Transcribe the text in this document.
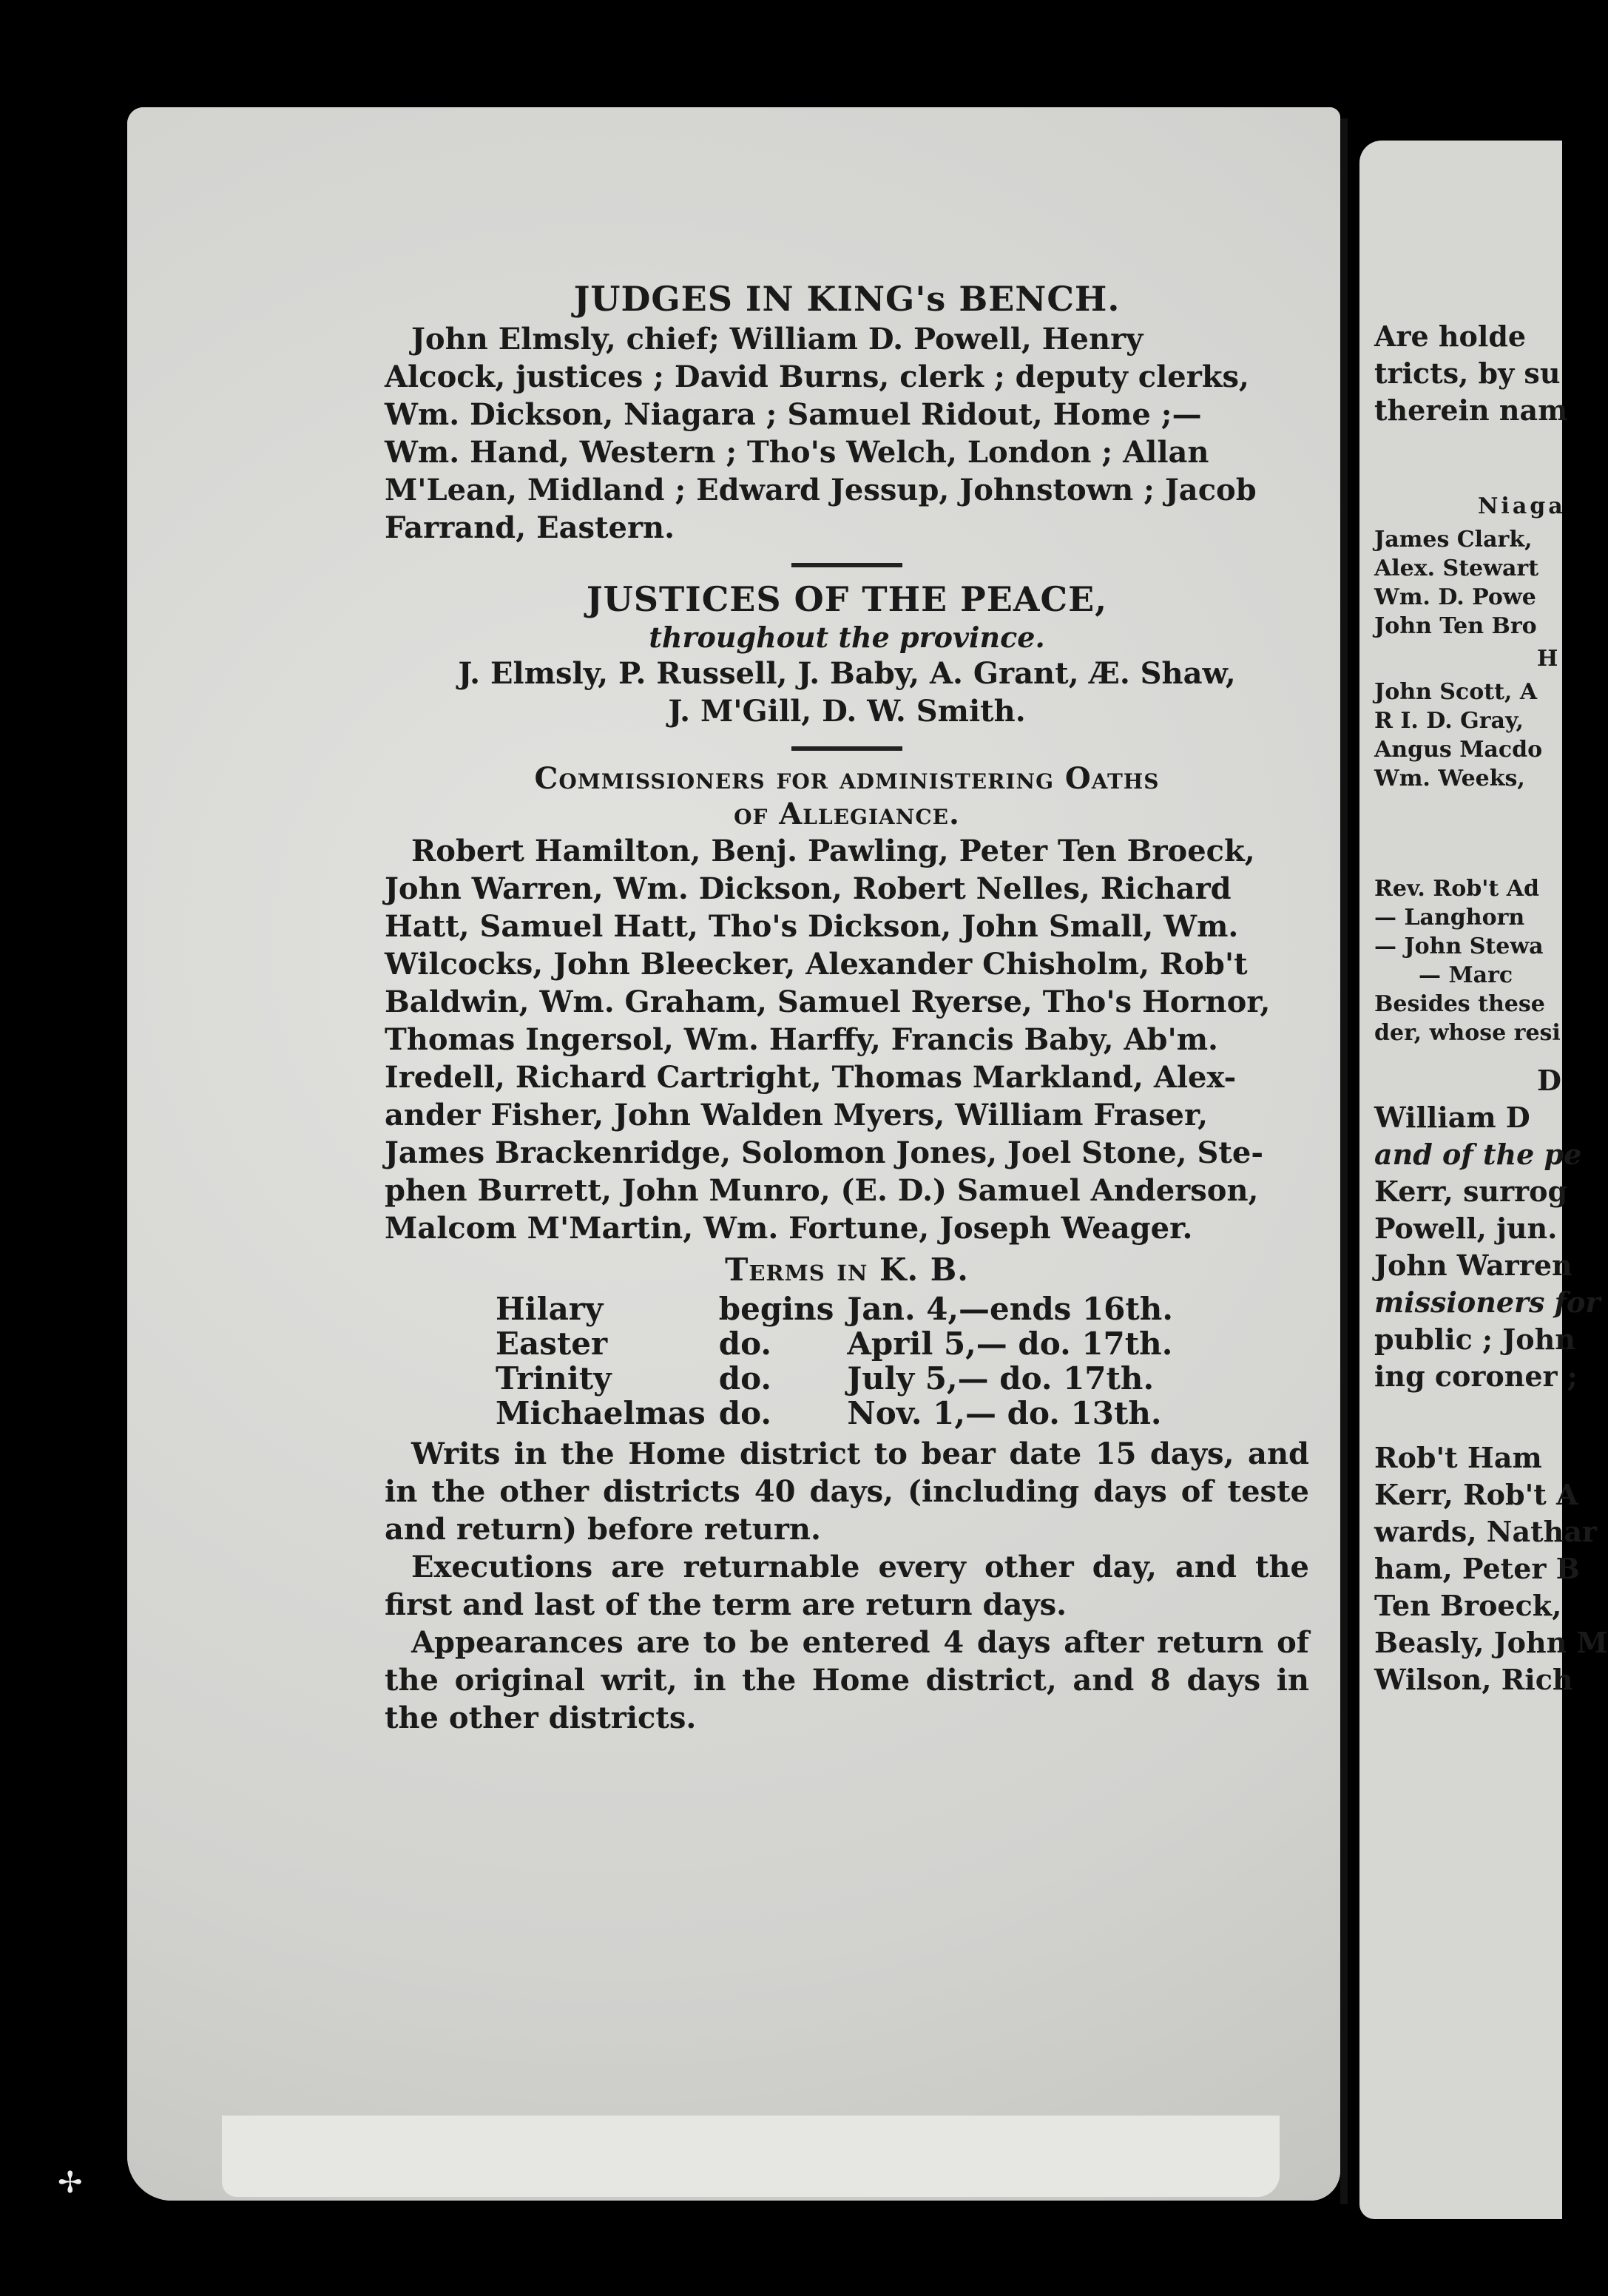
JUDGES IN KING's BENCH.

John Elmsly, chief; William D. Powell, Henry

Alcock, justices ; David Burns, clerk ; deputy clerks,

Wm. Dickson, Niagara ; Samuel Ridout, Home ;—

Wm. Hand, Western ; Tho's Welch, London ; Allan

M'Lean, Midland ; Edward Jessup, Johnstown ; Jacob

Farrand, Eastern.

JUSTICES OF THE PEACE,

throughout the province.

J. Elmsly, P. Russell, J. Baby, A. Grant, Æ. Shaw,

J. M'Gill, D. W. Smith.

Commissioners for administering Oaths

of Allegiance.

Robert Hamilton, Benj. Pawling, Peter Ten Broeck,

John Warren, Wm. Dickson, Robert Nelles, Richard

Hatt, Samuel Hatt, Tho's Dickson, John Small, Wm.

Wilcocks, John Bleecker, Alexander Chisholm, Rob't

Baldwin, Wm. Graham, Samuel Ryerse, Tho's Hornor,

Thomas Ingersol, Wm. Harffy, Francis Baby, Ab'm.

Iredell, Richard Cartright, Thomas Markland, Alex-

ander Fisher, John Walden Myers, William Fraser,

James Brackenridge, Solomon Jones, Joel Stone, Ste-

phen Burrett, John Munro, (E. D.) Samuel Anderson,

Malcom M'Martin, Wm. Fortune, Joseph Weager.

Terms in K. B.

Hilary	begins	Jan. 4,—ends 16th.
Easter	do.	April 5,— do. 17th.
Trinity	do.	July 5,— do. 17th.
Michaelmas	do.	Nov. 1,— do. 13th.

Writs in the Home district to bear date 15 days, and in the other districts 40 days, (including days of teste and return) before return.

Executions are returnable every other day, and the first and last of the term are return days.

Appearances are to be entered 4 days after return of the original writ, in the Home district, and 8 days in the other districts.

Are holde
tricts, by su
therein nam
Niaga
James Clark,
Alex. Stewart
Wm. D. Powe
John Ten Bro
H
John Scott, A
R I. D. Gray,
Angus Macdo
Wm. Weeks,
Rev. Rob't Ad
— Langhorn
— John Stewa
— Marc
Besides these
der, whose resi
D
William D
and of the pe
Kerr, surrog
Powell, jun.
John Warren
missioners for
public ; John
ing coroner ;
Rob't Ham
Kerr, Rob't A
wards, Nathar
ham, Peter B
Ten Broeck,
Beasly, John M
Wilson, Rich
✢
